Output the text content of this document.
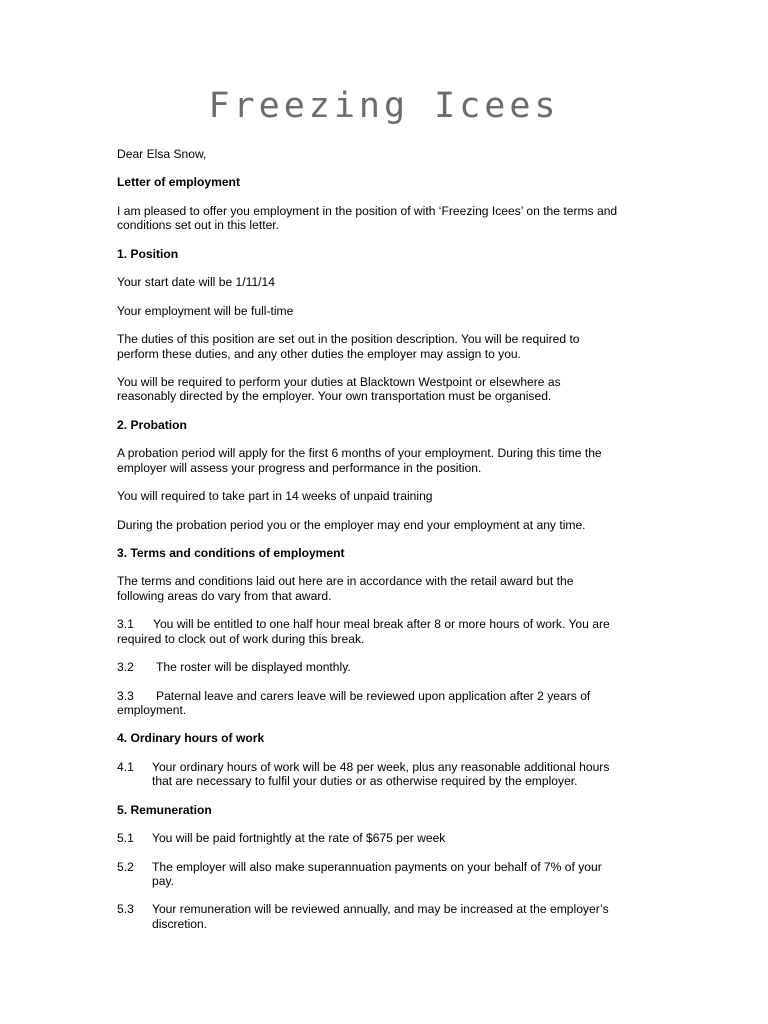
Freezing Icees
Dear Elsa Snow,
Letter of employment
I am pleased to offer you employment in the position of with ‘Freezing Icees’ on the terms and
conditions set out in this letter.
1. Position
Your start date will be 1/11/14
Your employment will be full-time
The duties of this position are set out in the position description. You will be required to
perform these duties, and any other duties the employer may assign to you.
You will be required to perform your duties at Blacktown Westpoint or elsewhere as
reasonably directed by the employer. Your own transportation must be organised.
2. Probation
A probation period will apply for the first 6 months of your employment. During this time the
employer will assess your progress and performance in the position.
You will required to take part in 14 weeks of unpaid training
During the probation period you or the employer may end your employment at any time.
3. Terms and conditions of employment
The terms and conditions laid out here are in accordance with the retail award but the
following areas do vary from that award.
3.1 You will be entitled to one half hour meal break after 8 or more hours of work. You are
required to clock out of work during this break.
3.2 The roster will be displayed monthly.
3.3 Paternal leave and carers leave will be reviewed upon application after 2 years of
employment.
4. Ordinary hours of work
4.1 Your ordinary hours of work will be 48 per week, plus any reasonable additional hours
that are necessary to fulfil your duties or as otherwise required by the employer.
5. Remuneration
5.1 You will be paid fortnightly at the rate of $675 per week
5.2 The employer will also make superannuation payments on your behalf of 7% of your
pay.
5.3 Your remuneration will be reviewed annually, and may be increased at the employer’s
discretion.
